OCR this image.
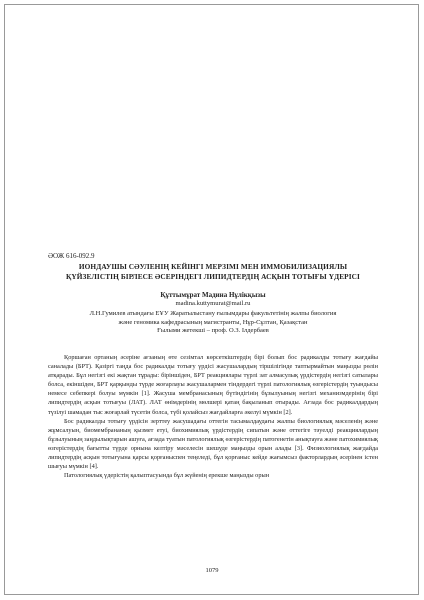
ӘОЖ 616-092.9
ИОНДАУШЫ СӘУЛЕНІҢ КЕЙІНГІ МЕРЗІМІ МЕН ИММОБИЛИЗАЦИЯЛЫ
ҚҮЙЗЕЛІСТІҢ БІРЛЕСЕ ӘСЕРІНДЕГІ ЛИПИДТЕРДІҢ АСҚЫН ТОТЫҒЫ ҮДЕРІСІ
Құттымұрат Мадина Нұлікқызы
madina.kuttymurat@mail.ru
Л.Н.Гумилев атындағы ЕҰУ Жаратылыстану ғылымдары факультетінің жалпы биология
және геномика кафедрасының магистранты, Нұр-Сұлтан, Қазақстан
Ғылыми жетекші – проф. О.З. Ілдербаев

Қоршаған ортаның әсеріне ағзаның өте сезімтал көрсеткіштердің бірі болып бос радикалды тотығу жағдайы саналады (БРТ). Қазіргі таңда бос радикалды тотығу үрдісі жасушалардың тіршілігінде таптырмайтын маңызды рөлін атқарады. Бұл негізгі екі жақтан тұрады: біріншіден, БРТ реакциялары түрлі зат алмасулық үрдістердің негізгі сатылары болса, екіншіден, БРТ қарқынды түрде жоғарлауы жасушалармен тіндердегі түрлі патологиялық өзгерістердің туындысы немесе себепкері болуы мүмкін [1]. Жасуша мембранасының бүтіндігінің бұзылуының негізгі механизмдерінің бірі липидтердің асқын тотығуы (ЛАТ). ЛАТ өнімдерінің мөлшері қатаң бақыланып отырады. Ағзада бос радикалдардың түзілуі шамадан тыс жоғарлай түсетін болса, түбі қолайсыз жағдайларға әкелуі мүмкін [2].

Бос радикалды тотығу үрдісін зерттеу жасушадағы оттегін тасымалдаудағы жалпы биологиялық мәселенің және жұмсалуын, биомембрананың қызмет етуі, биохимиялық үрдістердің сипатын және оттегіге тәуелді реакциялардың бұзылуының заңдылықтарын ашуға, ағзада туатын патологиялық өзгерістердің патогенетін анықтауға және патохимиялық өзгерістердің бағытты түрде орнына келтіру мәселесін шешуде маңызды орын алады [3]. Физиологиялық жағдайда липидтердің асқын тотығуына қарсы қорғаныспен теңеледі, бұл қорғаныс кейде жағымсыз факторлардың әсерінен істен шығуы мүмкін [4].

Патологиялық үдерістің қалыптасуында бұл жүйенің ерекше маңызды орын

1079
